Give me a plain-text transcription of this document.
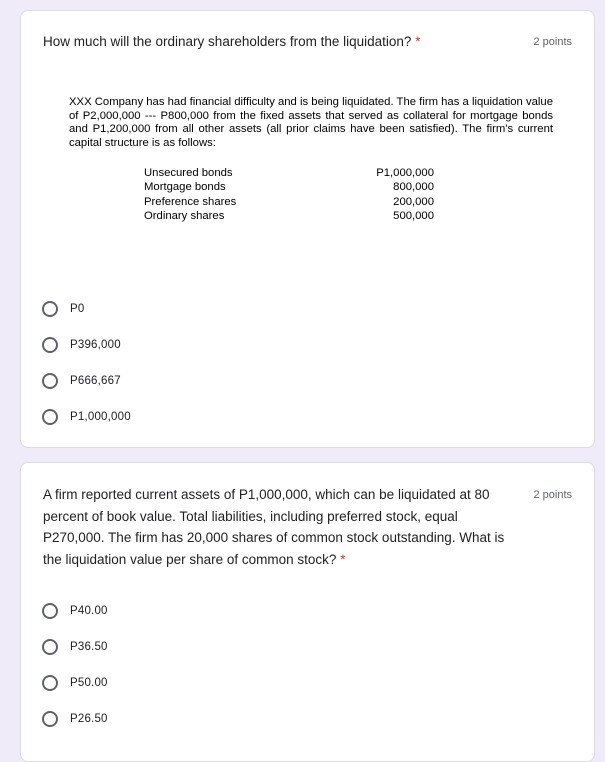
How much will the ordinary shareholders from the liquidation? *	2 points
XXX Company has had financial difficulty and is being liquidated. The firm has a liquidation value of P2,000,000 --- P800,000 from the fixed assets that served as collateral for mortgage bonds and P1,200,000 from all other assets (all prior claims have been satisfied). The firm's current capital structure is as follows:
Unsecured bonds	P1,000,000
Mortgage bonds	800,000
Preference shares	200,000
Ordinary shares	500,000
P0
P396,000
P666,667
P1,000,000
A firm reported current assets of P1,000,000, which can be liquidated at 80 percent of book value. Total liabilities, including preferred stock, equal P270,000. The firm has 20,000 shares of common stock outstanding. What is the liquidation value per share of common stock? *
2 points
P40.00
P36.50
P50.00
P26.50
